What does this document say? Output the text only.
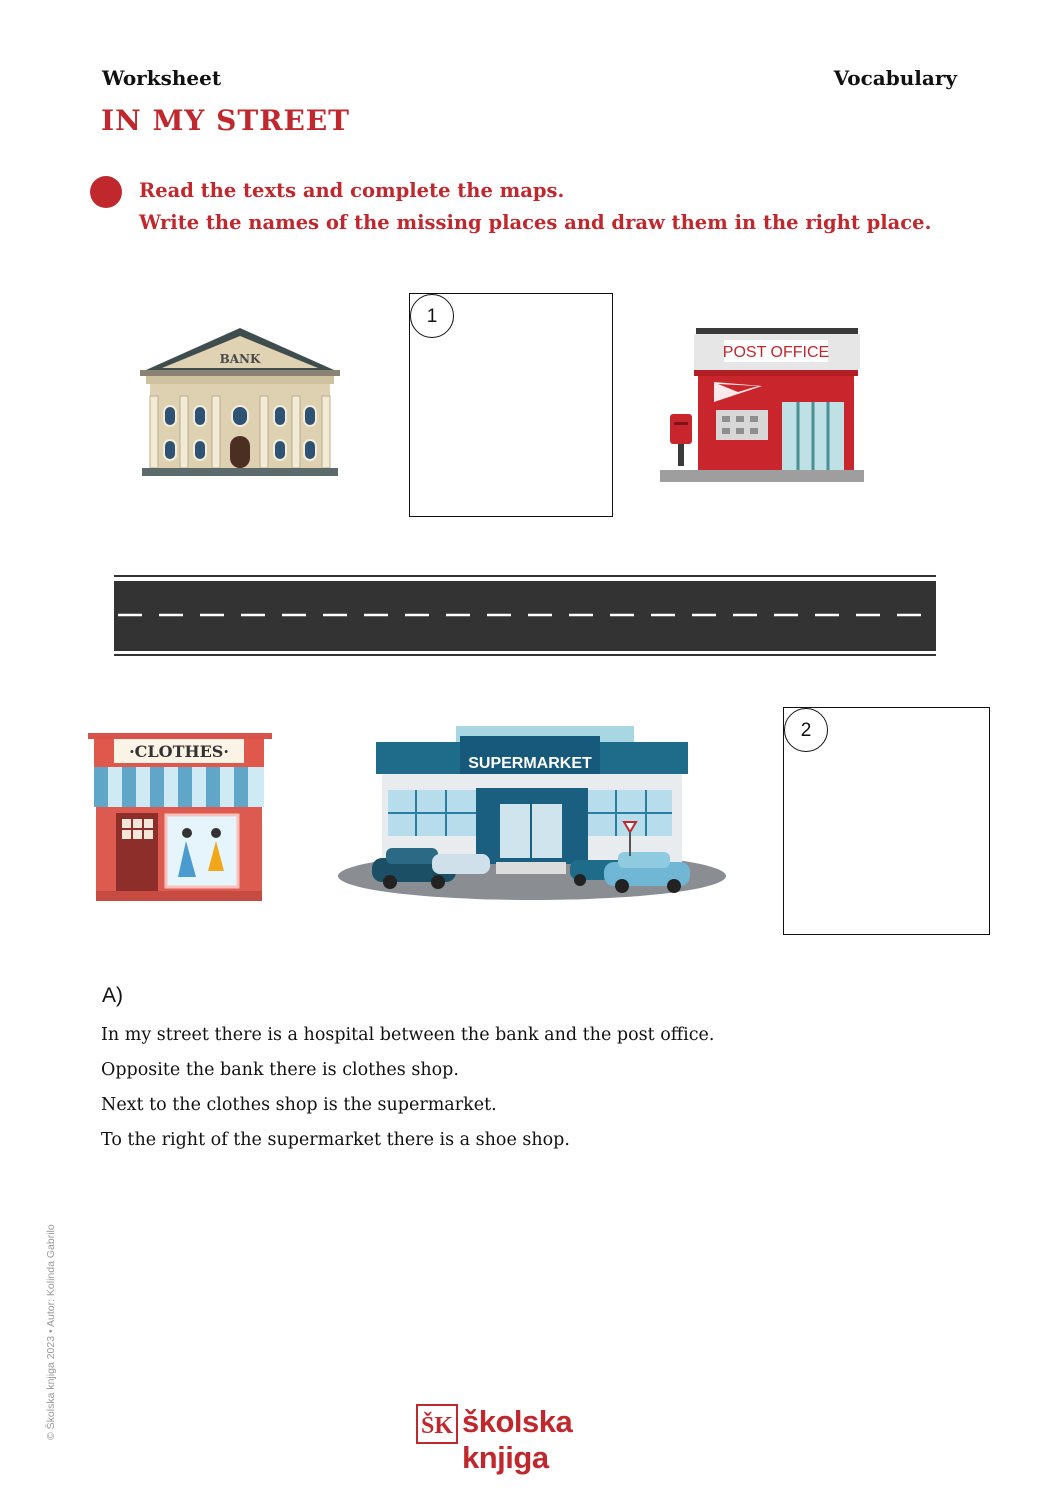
Worksheet	Vocabulary
IN MY STREET
Read the texts and complete the maps.
Write the names of the missing places and draw them in the right place.
BANK
1
POST OFFICE
·CLOTHES·
SUPERMARKET
2
A)
In my street there is a hospital between the bank and the post office.
Opposite the bank there is clothes shop.
Next to the clothes shop is the supermarket.
To the right of the supermarket there is a shoe shop.
© Školska knjiga 2023 • Autor: Kolinda Gabrilo	ŠK školska knjiga
